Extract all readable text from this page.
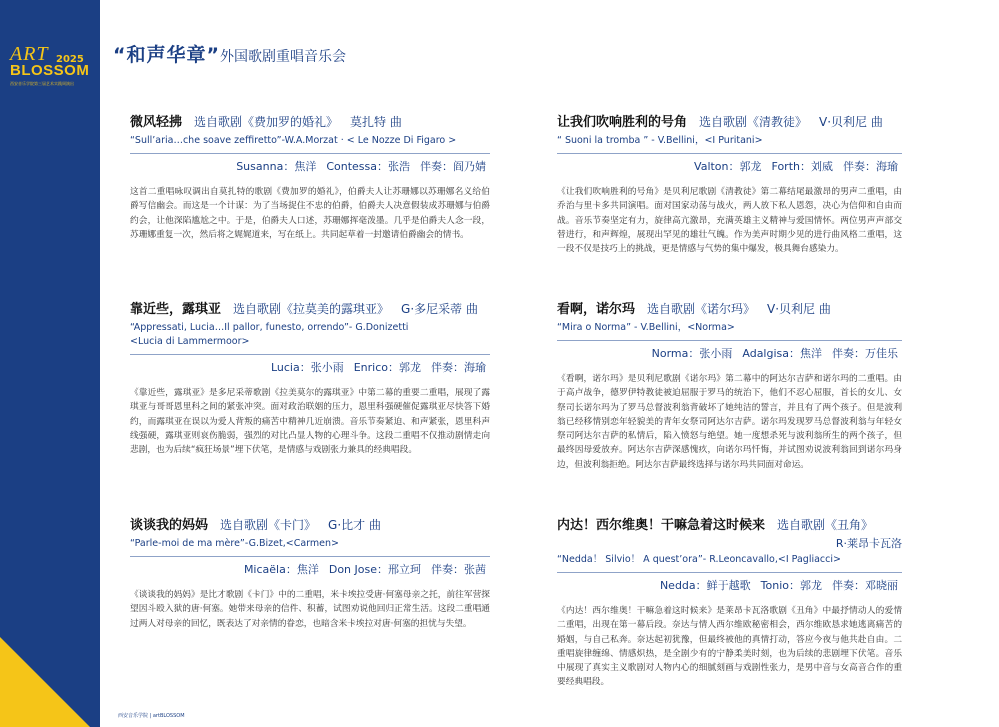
ART 2025
BLOSSOM
西安音乐学院第三届艺术实践周演出
西安音乐学院 | artBLOSSOM
“和声华章”外国歌剧重唱音乐会
微风轻拂 选自歌剧《费加罗的婚礼》 莫扎特 曲
“Sull’aria…che soave zeffiretto”-W.A.Morzat · < Le Nozze Di Figaro >
Susanna：焦洋 Contessa：张浩 伴奏：阎乃婧
这首二重唱咏叹调出自莫扎特的歌剧《费加罗的婚礼》，伯爵夫人让苏珊娜以苏珊娜名义给伯爵写信幽会。而这是一个计谋：为了当场捉住不忠的伯爵，伯爵夫人决意假装成苏珊娜与伯爵约会，让他深陷尴尬之中。于是，伯爵夫人口述，苏珊娜挥毫泼墨。几乎是伯爵夫人念一段，苏珊娜重复一次，然后将之娓娓道来，写在纸上。共同起草着一封邀请伯爵幽会的情书。
让我们吹响胜利的号角 选自歌剧《清教徒》 V·贝利尼 曲
“ Suoni la tromba ” - V.Bellini，<I Puritani>
Valton：郭龙 Forth：刘威 伴奏：海瑜
《让我们吹响胜利的号角》是贝利尼歌剧《清教徒》第二幕结尾最激昂的男声二重唱，由乔治与里卡多共同演唱。面对国家动荡与战火，两人放下私人恩怨，决心为信仰和自由而战。音乐节奏坚定有力，旋律高亢激昂，充满英雄主义精神与爱国情怀。两位男声声部交替进行，和声辉煌，展现出罕见的雄壮气魄。作为美声时期少见的进行曲风格二重唱，这一段不仅是技巧上的挑战，更是情感与气势的集中爆发，极具舞台感染力。
靠近些，露琪亚 选自歌剧《拉莫美的露琪亚》 G·多尼采蒂 曲
“Appressati, Lucia…Il pallor, funesto, orrendo”- G.Donizetti
<Lucia di Lammermoor>
Lucia：张小雨 Enrico：郭龙 伴奏：海瑜
《靠近些，露琪亚》是多尼采蒂歌剧《拉美莫尔的露琪亚》中第二幕的重要二重唱，展现了露琪亚与哥哥恩里科之间的紧张冲突。面对政治联姻的压力，恩里科强硬催促露琪亚尽快答下婚约，而露琪亚在误以为爱人背叛的痛苦中精神几近崩溃。音乐节奏紧迫、和声紧张，恩里科声线强硬，露琪亚则哀伤脆弱，强烈的对比凸显人物的心理斗争。这段二重唱不仅推动剧情走向悲剧，也为后续“疯狂场景”埋下伏笔，是情感与戏剧张力兼具的经典唱段。
看啊，诺尔玛 选自歌剧《诺尔玛》 V·贝利尼 曲
“Mira o Norma” - V.Bellini，<Norma>
Norma：张小雨 Adalgisa：焦洋 伴奏：万佳乐
《看啊，诺尔玛》是贝利尼歌剧《诺尔玛》第二幕中的阿达尔吉萨和诺尔玛的二重唱。由于高卢战争，德罗伊特教徒被迫屈服于罗马的统治下，他们不忍心屈服，首长的女儿、女祭司长诺尔玛为了罗马总督波利翁背破坏了她纯洁的誓言，并且有了两个孩子。但是波利翁已经移情别恋年轻貌美的青年女祭司阿达尔吉萨。诺尔玛发现罗马总督波利翁与年轻女祭司阿达尔吉萨的私情后，陷入愤怒与绝望。她一度想杀死与波利翁所生的两个孩子，但最终因母爱放弃。阿达尔吉萨深感愧疚，向诺尔玛忏悔，并试图劝说波利翁回到诺尔玛身边，但波利翁拒绝。阿达尔吉萨最终选择与诺尔玛共同面对命运。
谈谈我的妈妈 选自歌剧《卡门》 G·比才 曲
“Parle-moi de ma mère”-G.Bizet,<Carmen>
Micaëla：焦洋 Don Jose：邢立珂 伴奏：张茜
《谈谈我的妈妈》是比才歌剧《卡门》中的二重唱，米卡埃拉受唐·何塞母亲之托，前往军营探望因斗殴入狱的唐·何塞。她带来母亲的信件、积蓄，试图劝说他回归正常生活。这段二重唱通过两人对母亲的回忆，既表达了对亲情的眷恋，也暗含米卡埃拉对唐·何塞的担忧与失望。
内达！西尔维奥！干嘛急着这时候来 选自歌剧《丑角》
R·莱昂卡瓦洛
“Nedda！ Silvio！ A quest’ora”- R.Leoncavallo,<I Pagliacci>
Nedda：鲜于越歌 Tonio：郭龙 伴奏：邓晓丽
《内达！西尔维奥！干嘛急着这时候来》是莱昂卡瓦洛歌剧《丑角》中最抒情动人的爱情二重唱，出现在第一幕后段。奈达与情人西尔维欧秘密相会，西尔维欧恳求她逃离痛苦的婚姻，与自己私奔。奈达起初犹豫，但最终被他的真情打动，答应今夜与他共赴自由。二重唱旋律缠绵、情感炽热，是全剧少有的宁静柔美时刻，也为后续的悲剧埋下伏笔。音乐中展现了真实主义歌剧对人物内心的细腻刻画与戏剧性张力，是男中音与女高音合作的重要经典唱段。
